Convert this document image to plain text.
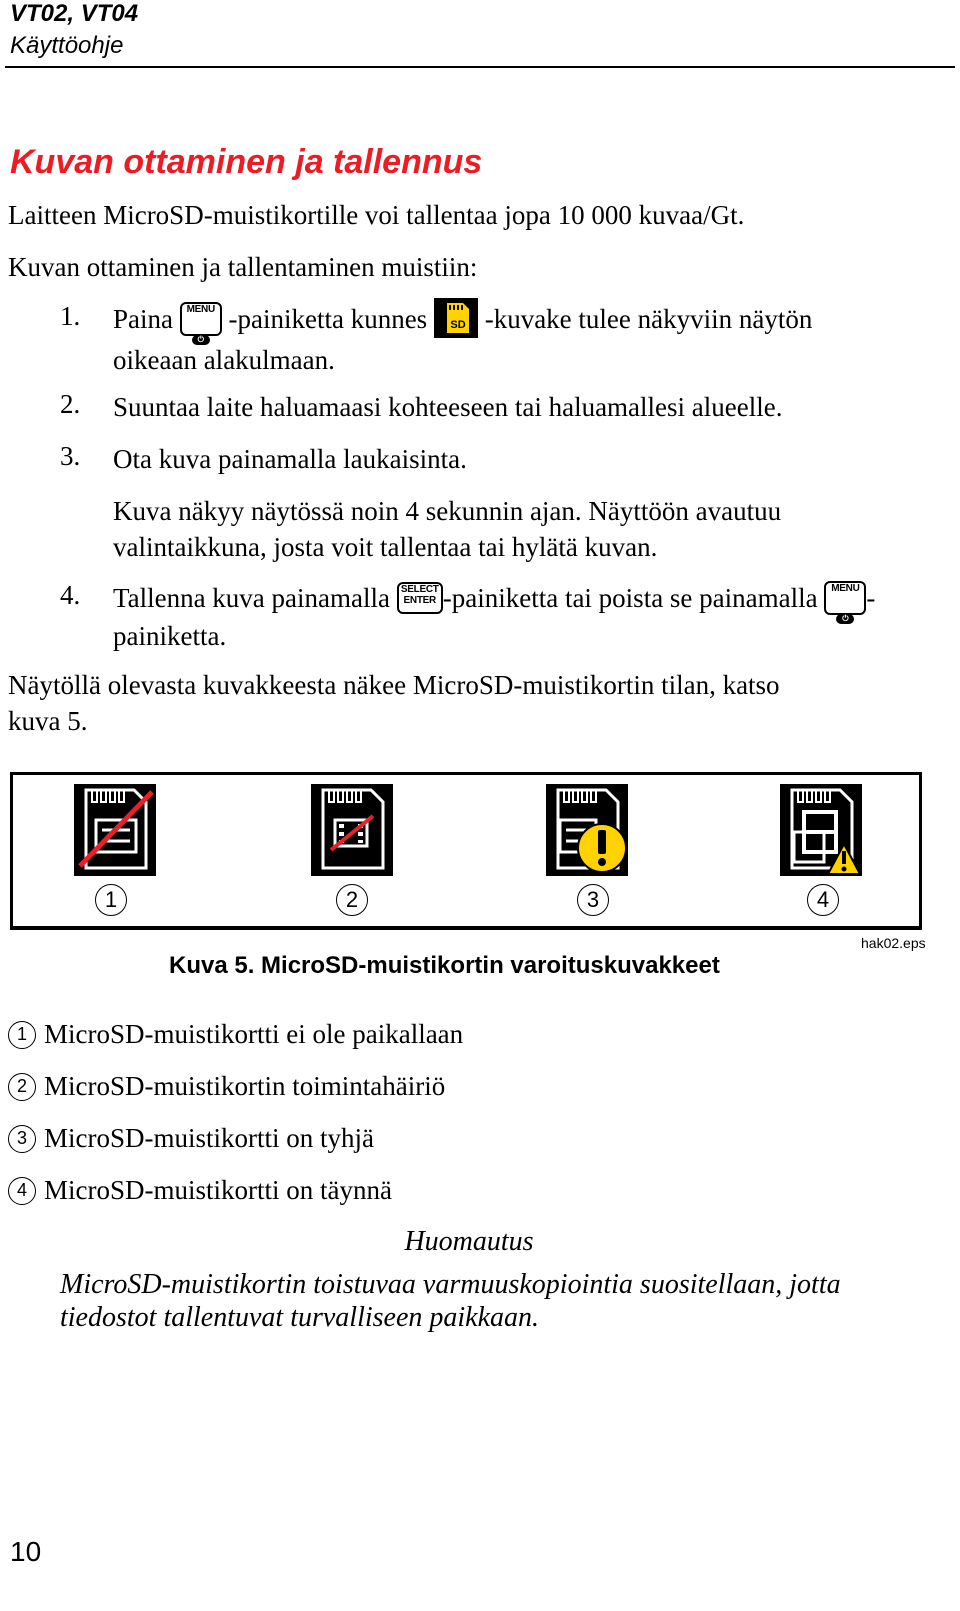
VT02, VT04
Käyttöohje
Kuvan ottaminen ja tallennus
Laitteen MicroSD-muistikortille voi tallentaa jopa 10 000 kuvaa/Gt.
Kuvan ottaminen ja tallentaminen muistiin:
1. Paina	MENU
⏻ -painiketta kunnes SD -kuvake tulee näkyviin näytön
oikeaan alakulmaan.
2. Suuntaa laite haluamaasi kohteeseen tai haluamallesi alueelle.
3. Ota kuva painamalla laukaisinta.
Kuva näkyy näytössä noin 4 sekunnin ajan. Näyttöön avautuu
valintaikkuna, josta voit tallentaa tai hylätä kuvan.
4. Tallenna kuva painamalla SELECT
ENTER -painiketta tai poista se painamalla	MENU
⏻-
painiketta.
Näytöllä olevasta kuvakkeesta näkee MicroSD-muistikortin tilan, katso
kuva 5.
1	2	3	4
hak02.eps
Kuva 5. MicroSD-muistikortin varoituskuvakkeet
1 MicroSD-muistikortti ei ole paikallaan
2 MicroSD-muistikortin toimintahäiriö
3 MicroSD-muistikortti on tyhjä
4 MicroSD-muistikortti on täynnä
Huomautus
MicroSD-muistikortin toistuvaa varmuuskopiointia suositellaan, jotta
tiedostot tallentuvat turvalliseen paikkaan.
10
